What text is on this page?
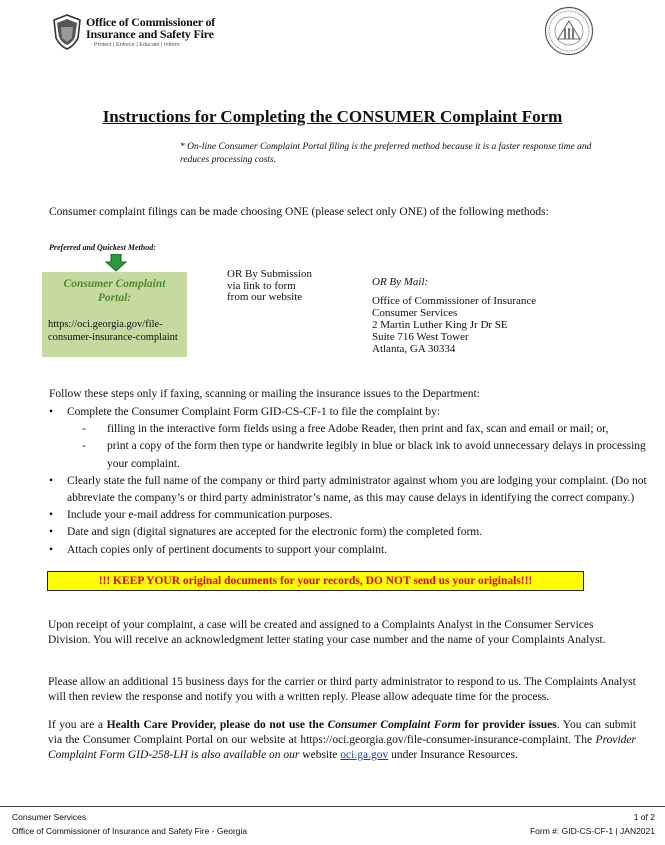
Office of Commissioner of
Insurance and Safety Fire
Protect | Enforce | Educate | Inform
Instructions for Completing the CONSUMER Complaint Form
* On-line Consumer Complaint Portal filing is the preferred method because it is a faster response time and reduces processing costs.
Consumer complaint filings can be made choosing ONE (please select only ONE) of the following methods:
Preferred and Quickest Method:
Consumer Complaint
Portal:
https://oci.georgia.gov/file-consumer-insurance-complaint
OR By Submission
via link to form
from our website
OR By Mail:
Office of Commissioner of Insurance
Consumer Services
2 Martin Luther King Jr Dr SE
Suite 716 West Tower
Atlanta, GA 30334
Follow these steps only if faxing, scanning or mailing the insurance issues to the Department:
• Complete the Consumer Complaint Form GID-CS-CF-1 to file the complaint by:
- filling in the interactive form fields using a free Adobe Reader, then print and fax, scan and email or mail; or,
- print a copy of the form then type or handwrite legibly in blue or black ink to avoid unnecessary delays in processing your complaint.
• Clearly state the full name of the company or third party administrator against whom you are lodging your complaint. (Do not abbreviate the company’s or third party administrator’s name, as this may cause delays in identifying the correct company.)
• Include your e-mail address for communication purposes.
• Date and sign (digital signatures are accepted for the electronic form) the completed form.
• Attach copies only of pertinent documents to support your complaint.
!!! KEEP YOUR original documents for your records, DO NOT send us your originals!!!
Upon receipt of your complaint, a case will be created and assigned to a Complaints Analyst in the Consumer Services Division. You will receive an acknowledgment letter stating your case number and the name of your Complaints Analyst.
Please allow an additional 15 business days for the carrier or third party administrator to respond to us. The Complaints Analyst will then review the response and notify you with a written reply. Please allow adequate time for the process.
If you are a Health Care Provider, please do not use the Consumer Complaint Form for provider issues. You can submit via the Consumer Complaint Portal on our website at https://oci.georgia.gov/file-consumer-insurance-complaint. The Provider Complaint Form GID-258-LH is also available on our website oci.ga.gov under Insurance Resources.
Consumer Services
Office of Commissioner of Insurance and Safety Fire - Georgia
1 of 2
Form #: GID-CS-CF-1 | JAN2021
